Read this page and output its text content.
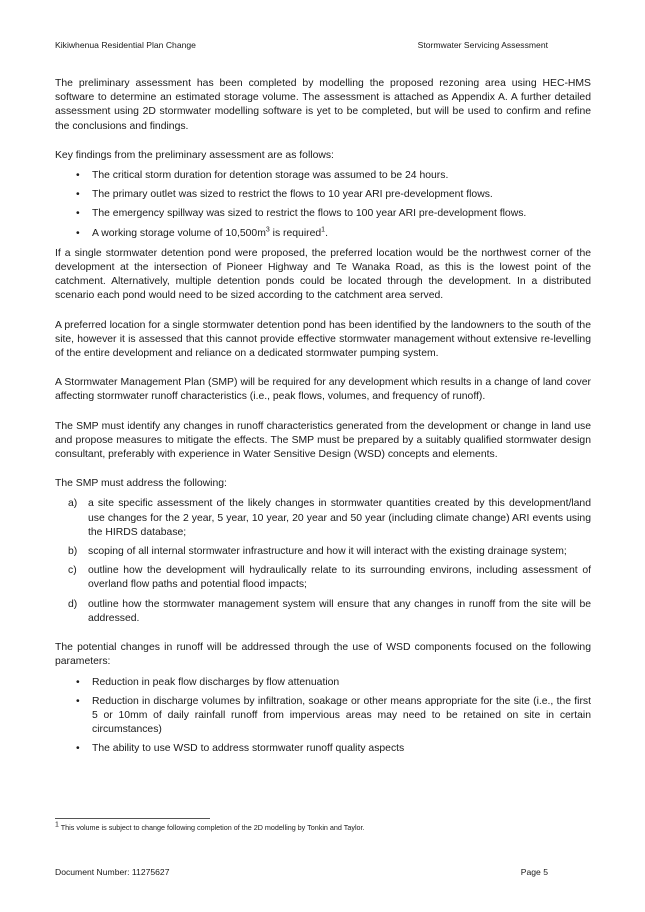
Kikiwhenua Residential Plan Change	Stormwater Servicing Assessment

The preliminary assessment has been completed by modelling the proposed rezoning area using HEC-HMS software to determine an estimated storage volume. The assessment is attached as Appendix A. A further detailed assessment using 2D stormwater modelling software is yet to be completed, but will be used to confirm and refine the conclusions and findings.

Key findings from the preliminary assessment are as follows:

• The critical storm duration for detention storage was assumed to be 24 hours.
• The primary outlet was sized to restrict the flows to 10 year ARI pre-development flows.
• The emergency spillway was sized to restrict the flows to 100 year ARI pre-development flows.
• A working storage volume of $10,500m^3$ is required$^1$.

If a single stormwater detention pond were proposed, the preferred location would be the northwest corner of the development at the intersection of Pioneer Highway and Te Wanaka Road, as this is the lowest point of the catchment. Alternatively, multiple detention ponds could be located through the development. In a distributed scenario each pond would need to be sized according to the catchment area served.

A preferred location for a single stormwater detention pond has been identified by the landowners to the south of the site, however it is assessed that this cannot provide effective stormwater management without extensive re-levelling of the entire development and reliance on a dedicated stormwater pumping system.

A Stormwater Management Plan (SMP) will be required for any development which results in a change of land cover affecting stormwater runoff characteristics (i.e., peak flows, volumes, and frequency of runoff).

The SMP must identify any changes in runoff characteristics generated from the development or change in land use and propose measures to mitigate the effects. The SMP must be prepared by a suitably qualified stormwater design consultant, preferably with experience in Water Sensitive Design (WSD) concepts and elements.

The SMP must address the following:

a) a site specific assessment of the likely changes in stormwater quantities created by this development/land use changes for the 2 year, 5 year, 10 year, 20 year and 50 year (including climate change) ARI events using the HIRDS database;
b) scoping of all internal stormwater infrastructure and how it will interact with the existing drainage system;
c) outline how the development will hydraulically relate to its surrounding environs, including assessment of overland flow paths and potential flood impacts;
d) outline how the stormwater management system will ensure that any changes in runoff from the site will be addressed.

The potential changes in runoff will be addressed through the use of WSD components focused on the following parameters:

• Reduction in peak flow discharges by flow attenuation
• Reduction in discharge volumes by infiltration, soakage or other means appropriate for the site (i.e., the first 5 or 10mm of daily rainfall runoff from impervious areas may need to be retained on site in certain circumstances)
• The ability to use WSD to address stormwater runoff quality aspects
$^1$ This volume is subject to change following completion of the 2D modelling by Tonkin and Taylor.
Document Number: 11275627	Page 5
